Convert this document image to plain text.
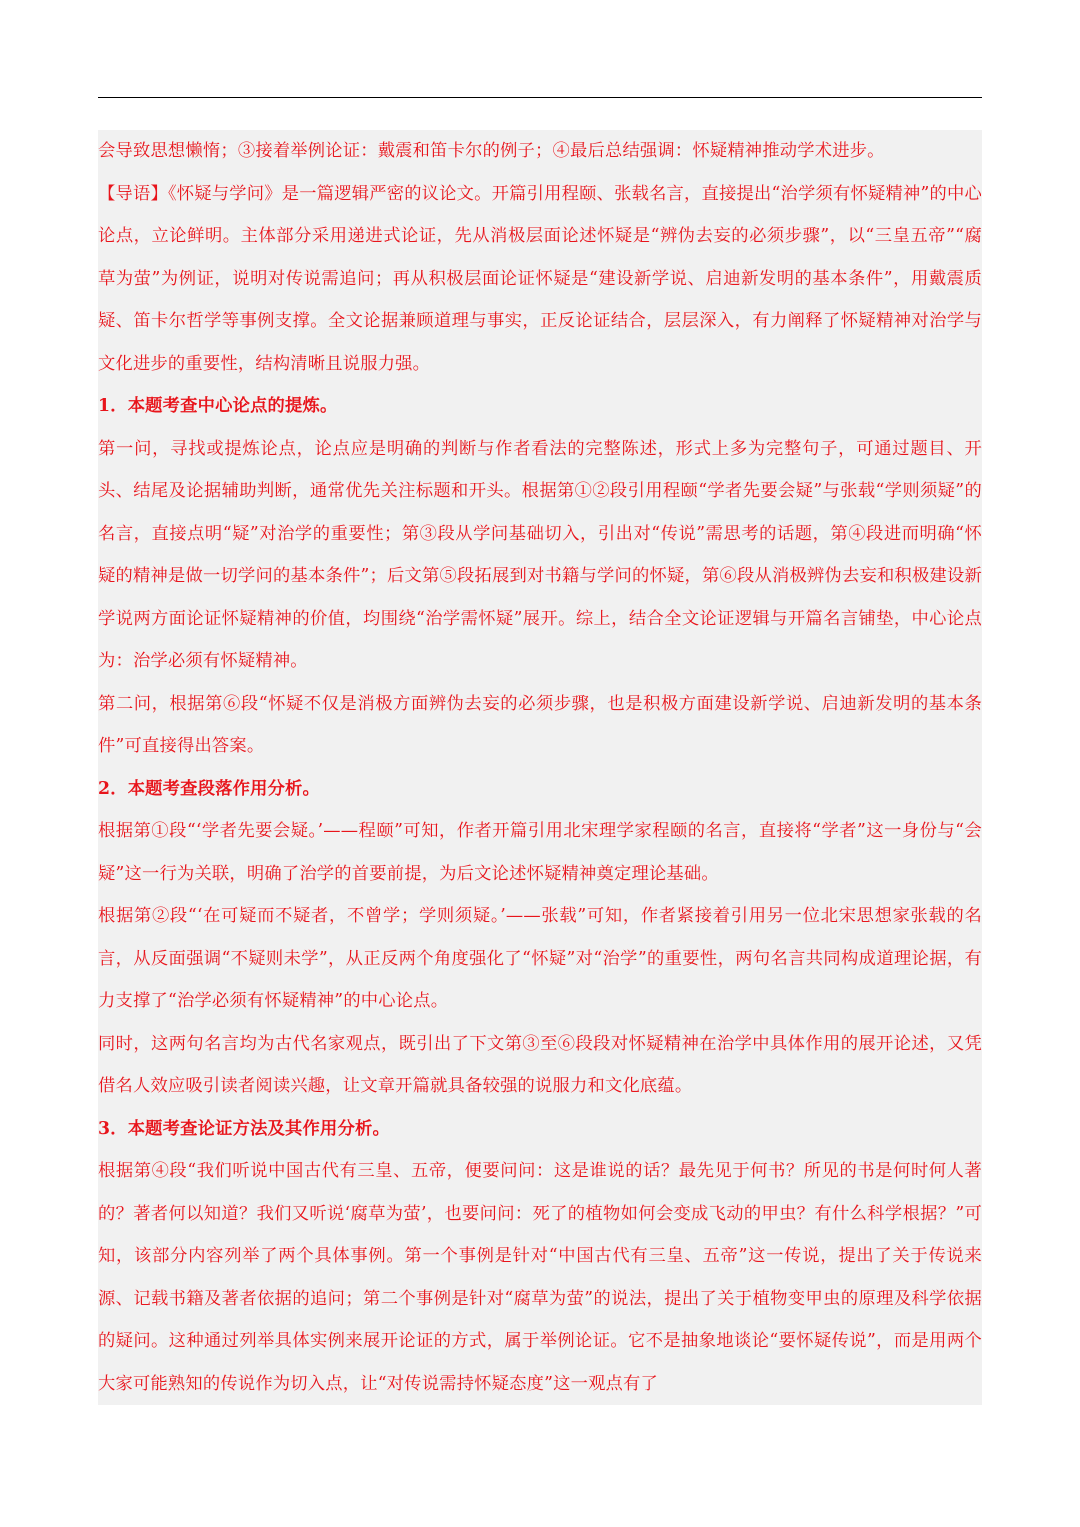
会导致思想懒惰；③接着举例论证：戴震和笛卡尔的例子；④最后总结强调：怀疑精神推动学术进步。

【导语】《怀疑与学问》是一篇逻辑严密的议论文。开篇引用程颐、张载名言，直接提出“治学须有怀疑精神”的中心论点，立论鲜明。主体部分采用递进式论证，先从消极层面论述怀疑是“辨伪去妄的必须步骤”，以“三皇五帝”“腐草为萤”为例证，说明对传说需追问；再从积极层面论证怀疑是“建设新学说、启迪新发明的基本条件”，用戴震质疑、笛卡尔哲学等事例支撑。全文论据兼顾道理与事实，正反论证结合，层层深入，有力阐释了怀疑精神对治学与文化进步的重要性，结构清晰且说服力强。

1．本题考查中心论点的提炼。

第一问，寻找或提炼论点，论点应是明确的判断与作者看法的完整陈述，形式上多为完整句子，可通过题目、开头、结尾及论据辅助判断，通常优先关注标题和开头。根据第①②段引用程颐“学者先要会疑”与张载“学则须疑”的名言，直接点明“疑”对治学的重要性；第③段从学问基础切入，引出对“传说”需思考的话题，第④段进而明确“怀疑的精神是做一切学问的基本条件”；后文第⑤段拓展到对书籍与学问的怀疑，第⑥段从消极辨伪去妄和积极建设新学说两方面论证怀疑精神的价值，均围绕“治学需怀疑”展开。综上，结合全文论证逻辑与开篇名言铺垫，中心论点为：治学必须有怀疑精神。

第二问，根据第⑥段“怀疑不仅是消极方面辨伪去妄的必须步骤，也是积极方面建设新学说、启迪新发明的基本条件”可直接得出答案。

2．本题考查段落作用分析。

根据第①段“‘学者先要会疑。’——程颐”可知，作者开篇引用北宋理学家程颐的名言，直接将“学者”这一身份与“会疑”这一行为关联，明确了治学的首要前提，为后文论述怀疑精神奠定理论基础。

根据第②段“‘在可疑而不疑者，不曾学；学则须疑。’——张载”可知，作者紧接着引用另一位北宋思想家张载的名言，从反面强调“不疑则未学”，从正反两个角度强化了“怀疑”对“治学”的重要性，两句名言共同构成道理论据，有力支撑了“治学必须有怀疑精神”的中心论点。

同时，这两句名言均为古代名家观点，既引出了下文第③至⑥段段对怀疑精神在治学中具体作用的展开论述，又凭借名人效应吸引读者阅读兴趣，让文章开篇就具备较强的说服力和文化底蕴。

3．本题考查论证方法及其作用分析。

根据第④段“我们听说中国古代有三皇、五帝，便要问问：这是谁说的话？最先见于何书？所见的书是何时何人著的？著者何以知道？我们又听说‘腐草为萤’，也要问问：死了的植物如何会变成飞动的甲虫？有什么科学根据？”可知，该部分内容列举了两个具体事例。第一个事例是针对“中国古代有三皇、五帝”这一传说，提出了关于传说来源、记载书籍及著者依据的追问；第二个事例是针对“腐草为萤”的说法，提出了关于植物变甲虫的原理及科学依据的疑问。这种通过列举具体实例来展开论证的方式，属于举例论证。它不是抽象地谈论“要怀疑传说”，而是用两个大家可能熟知的传说作为切入点，让“对传说需持怀疑态度”这一观点有了
